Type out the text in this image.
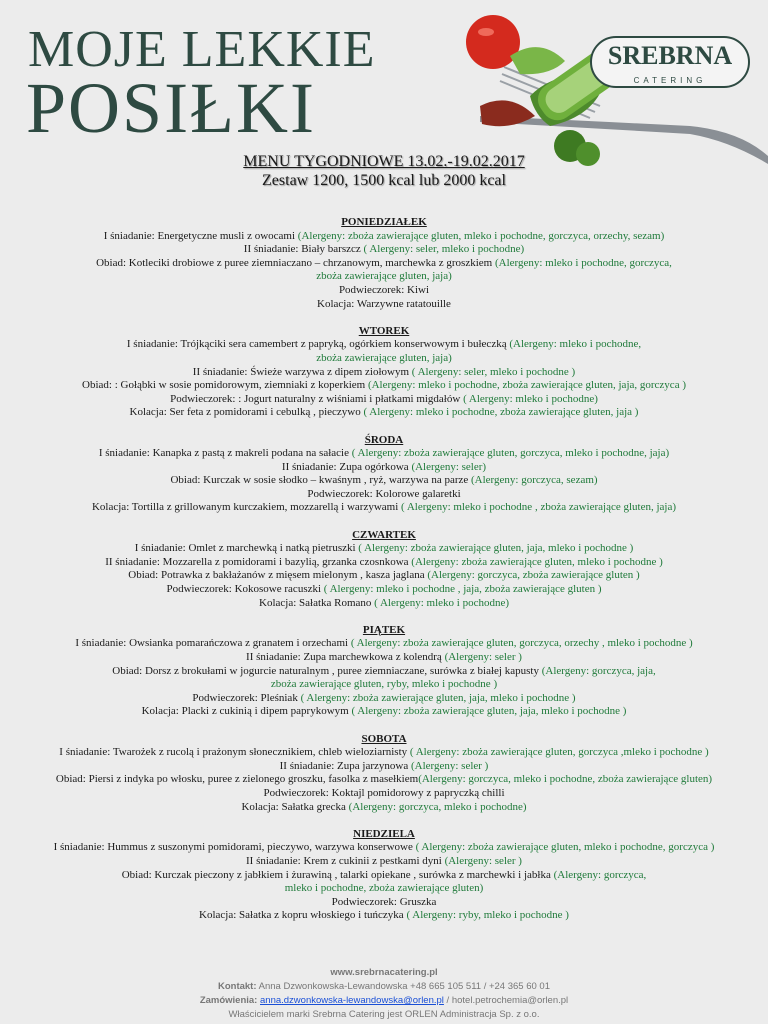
MOJE LEKKIE
POSIŁKI
SREBRNA
CATERING
MENU TYGODNIOWE 13.02.-19.02.2017
Zestaw 1200, 1500 kcal lub 2000 kcal
PONIEDZIAŁEK
I śniadanie: Energetyczne musli z owocami (Alergeny: zboża zawierające gluten, mleko i pochodne, gorczyca, orzechy, sezam)
II śniadanie: Biały barszcz ( Alergeny: seler, mleko i pochodne)
Obiad: Kotleciki drobiowe z puree ziemniaczano – chrzanowym, marchewka z groszkiem (Alergeny: mleko i pochodne, gorczyca,
zboża zawierające gluten, jaja)
Podwieczorek: Kiwi
Kolacja: Warzywne ratatouille
WTOREK
I śniadanie: Trójkąciki sera camembert z papryką, ogórkiem konserwowym i bułeczką (Alergeny: mleko i pochodne,
zboża zawierające gluten, jaja)
II śniadanie: Świeże warzywa z dipem ziołowym ( Alergeny: seler, mleko i pochodne )
Obiad: : Gołąbki w sosie pomidorowym, ziemniaki z koperkiem (Alergeny: mleko i pochodne, zboża zawierające gluten, jaja, gorczyca )
Podwieczorek: : Jogurt naturalny z wiśniami i płatkami migdałów ( Alergeny: mleko i pochodne)
Kolacja: Ser feta z pomidorami i cebulką , pieczywo ( Alergeny: mleko i pochodne, zboża zawierające gluten, jaja )
ŚRODA
I śniadanie: Kanapka z pastą z makreli podana na sałacie ( Alergeny: zboża zawierające gluten, gorczyca, mleko i pochodne, jaja)
II śniadanie: Zupa ogórkowa (Alergeny: seler)
Obiad: Kurczak w sosie słodko – kwaśnym , ryż, warzywa na parze (Alergeny: gorczyca, sezam)
Podwieczorek: Kolorowe galaretki
Kolacja: Tortilla z grillowanym kurczakiem, mozzarellą i warzywami ( Alergeny: mleko i pochodne , zboża zawierające gluten, jaja)
CZWARTEK
I śniadanie: Omlet z marchewką i natką pietruszki ( Alergeny: zboża zawierające gluten, jaja, mleko i pochodne )
II śniadanie: Mozzarella z pomidorami i bazylią, grzanka czosnkowa (Alergeny: zboża zawierające gluten, mleko i pochodne )
Obiad: Potrawka z bakłażanów z mięsem mielonym , kasza jaglana (Alergeny: gorczyca, zboża zawierające gluten )
Podwieczorek: Kokosowe racuszki ( Alergeny: mleko i pochodne , jaja, zboża zawierające gluten )
Kolacja: Sałatka Romano ( Alergeny: mleko i pochodne)
PIĄTEK
I śniadanie: Owsianka pomarańczowa z granatem i orzechami ( Alergeny: zboża zawierające gluten, gorczyca, orzechy , mleko i pochodne )
II śniadanie: Zupa marchewkowa z kolendrą (Alergeny: seler )
Obiad: Dorsz z brokułami w jogurcie naturalnym , puree ziemniaczane, surówka z białej kapusty (Alergeny: gorczyca, jaja,
zboża zawierające gluten, ryby, mleko i pochodne )
Podwieczorek: Pleśniak ( Alergeny: zboża zawierające gluten, jaja, mleko i pochodne )
Kolacja: Placki z cukinią i dipem paprykowym ( Alergeny: zboża zawierające gluten, jaja, mleko i pochodne )
SOBOTA
I śniadanie: Twarożek z rucolą i prażonym słonecznikiem, chleb wieloziarnisty ( Alergeny: zboża zawierające gluten, gorczyca ,mleko i pochodne )
II śniadanie: Zupa jarzynowa (Alergeny: seler )
Obiad: Piersi z indyka po włosku, puree z zielonego groszku, fasolka z masełkiem(Alergeny: gorczyca, mleko i pochodne, zboża zawierające gluten)
Podwieczorek: Koktajl pomidorowy z papryczką chilli
Kolacja: Sałatka grecka (Alergeny: gorczyca, mleko i pochodne)
NIEDZIELA
I śniadanie: Hummus z suszonymi pomidorami, pieczywo, warzywa konserwowe ( Alergeny: zboża zawierające gluten, mleko i pochodne, gorczyca )
II śniadanie: Krem z cukinii z pestkami dyni (Alergeny: seler )
Obiad: Kurczak pieczony z jabłkiem i żurawiną , talarki opiekane , surówka z marchewki i jabłka (Alergeny: gorczyca,
mleko i pochodne, zboża zawierające gluten)
Podwieczorek: Gruszka
Kolacja: Sałatka z kopru włoskiego i tuńczyka ( Alergeny: ryby, mleko i pochodne )
www.srebrnacatering.pl
Kontakt: Anna Dzwonkowska-Lewandowska +48 665 105 511 / +24 365 60 01
Zamówienia: anna.dzwonkowska-lewandowska@orlen.pl / hotel.petrochemia@orlen.pl
Właścicielem marki Srebrna Catering jest ORLEN Administracja Sp. z o.o.
